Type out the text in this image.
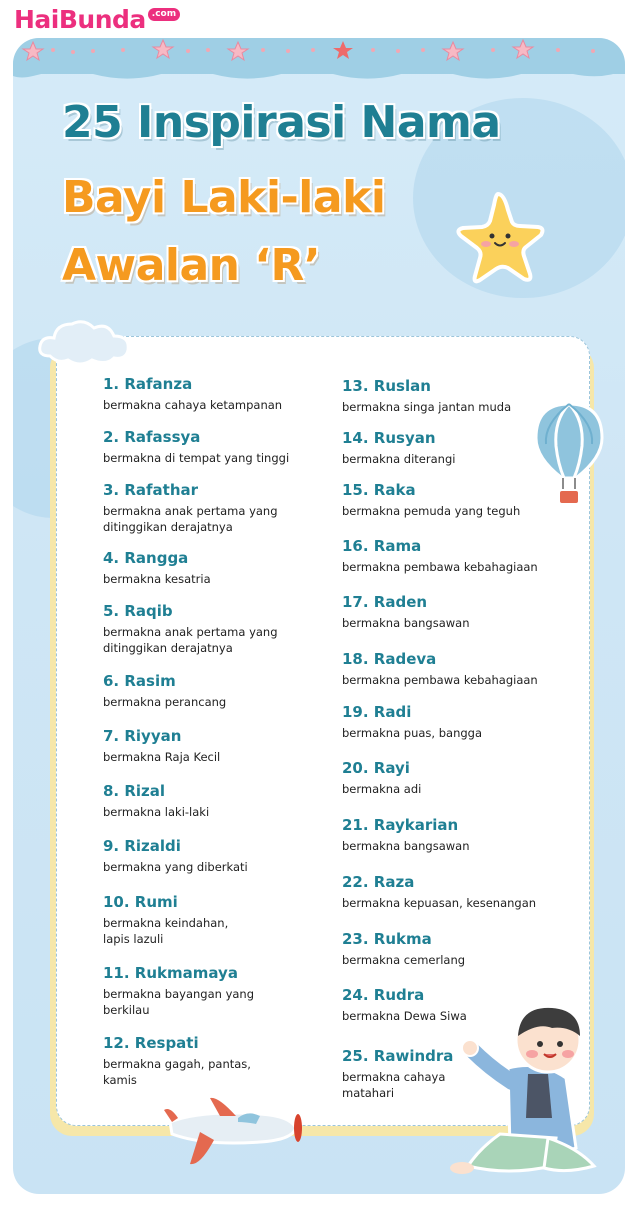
HaiBunda .com
25 Inspirasi Nama
Bayi Laki-laki
Awalan ‘R’
1. Rafanza
bermakna cahaya ketampanan
2. Rafassya
bermakna di tempat yang tinggi
3. Rafathar
bermakna anak pertama yang ditinggikan derajatnya
4. Rangga
bermakna kesatria
5. Raqib
bermakna anak pertama yang ditinggikan derajatnya
6. Rasim
bermakna perancang
7. Riyyan
bermakna Raja Kecil
8. Rizal
bermakna laki-laki
9. Rizaldi
bermakna yang diberkati
10. Rumi
bermakna keindahan, lapis lazuli
11. Rukmamaya
bermakna bayangan yang berkilau
12. Respati
bermakna gagah, pantas, kamis
13. Ruslan
bermakna singa jantan muda
14. Rusyan
bermakna diterangi
15. Raka
bermakna pemuda yang teguh
16. Rama
bermakna pembawa kebahagiaan
17. Raden
bermakna bangsawan
18. Radeva
bermakna pembawa kebahagiaan
19. Radi
bermakna puas, bangga
20. Rayi
bermakna adi
21. Raykarian
bermakna bangsawan
22. Raza
bermakna kepuasan, kesenangan
23. Rukma
bermakna cemerlang
24. Rudra
bermakna Dewa Siwa
25. Rawindra
bermakna cahaya matahari
